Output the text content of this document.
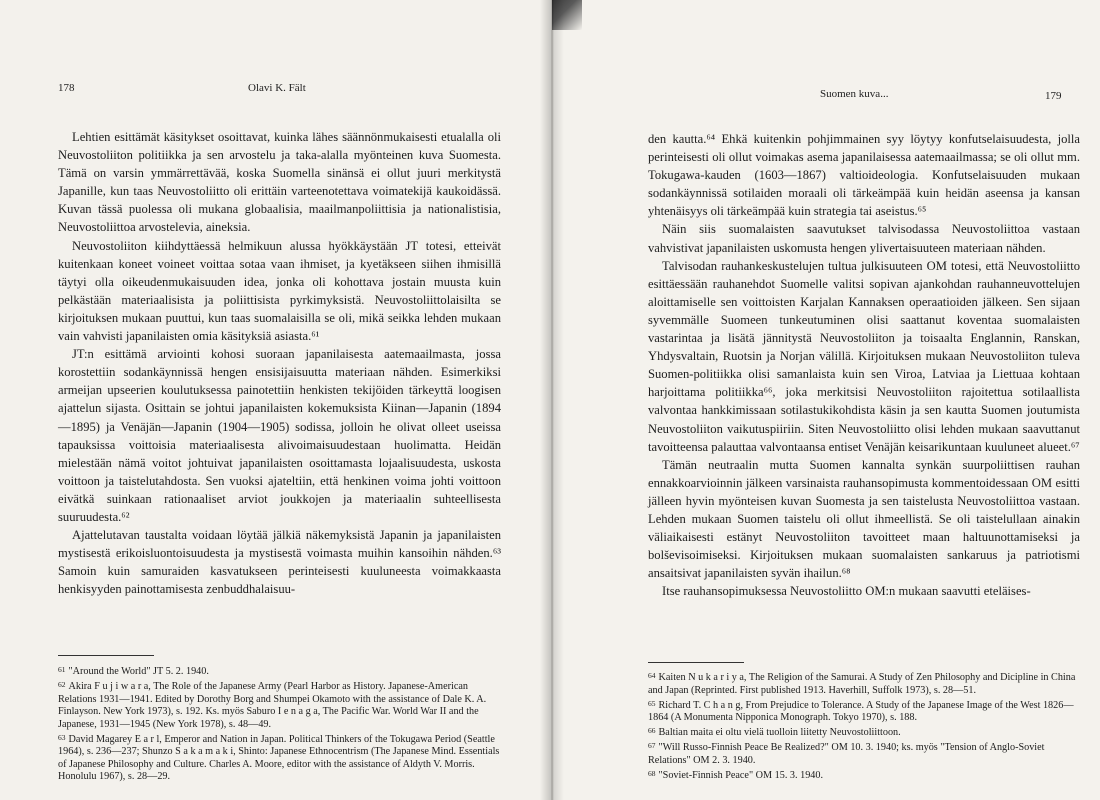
178	Olavi K. Fält

Lehtien esittämät käsitykset osoittavat, kuinka lähes säännönmukaisesti etualalla oli Neuvostoliiton politiikka ja sen arvostelu ja taka-alalla myönteinen kuva Suomesta. Tämä on varsin ymmärrettävää, koska Suomella sinänsä ei ollut juuri merkitystä Japanille, kun taas Neuvostoliitto oli erittäin varteenotettava voimatekijä kaukoidässä. Kuvan tässä puolessa oli mukana globaalisia, maailmanpoliittisia ja nationalistisia, Neuvostoliittoa arvostelevia, aineksia.

Neuvostoliiton kiihdyttäessä helmikuun alussa hyökkäystään JT totesi, etteivät kuitenkaan koneet voineet voittaa sotaa vaan ihmiset, ja kyetäkseen siihen ihmisillä täytyi olla oikeudenmukaisuuden idea, jonka oli kohottava jostain muusta kuin pelkästään materiaalisista ja poliittisista pyrkimyksistä. Neuvostoliittolaisilta se kirjoituksen mukaan puuttui, kun taas suomalaisilla se oli, mikä seikka lehden mukaan vain vahvisti japanilaisten omia käsityksiä asiasta.⁶¹

JT:n esittämä arviointi kohosi suoraan japanilaisesta aatemaailmasta, jossa korostettiin sodankäynnissä hengen ensisijaisuutta materiaan nähden. Esimerkiksi armeijan upseerien koulutuksessa painotettiin henkisten tekijöiden tärkeyttä loogisen ajattelun sijasta. Osittain se johtui japanilaisten kokemuksista Kiinan—Japanin (1894—1895) ja Venäjän—Japanin (1904—1905) sodissa, jolloin he olivat olleet useissa tapauksissa voittoisia materiaalisesta alivoimaisuudestaan huolimatta. Heidän mielestään nämä voitot johtuivat japanilaisten osoittamasta lojaalisuudesta, uskosta voittoon ja taistelutahdosta. Sen vuoksi ajateltiin, että henkinen voima johti voittoon eivätkä suinkaan rationaaliset arviot joukkojen ja materiaalin suhteellisesta suuruudesta.⁶²

Ajattelutavan taustalta voidaan löytää jälkiä näkemyksistä Japanin ja japanilaisten mystisestä erikoisluontoisuudesta ja mystisestä voimasta muihin kansoihin nähden.⁶³ Samoin kuin samuraiden kasvatukseen perinteisesti kuuluneesta voimakkaasta henkisyyden painottamisesta zenbuddhalaisuu-

61 "Around the World" JT 5. 2. 1940.
62 Akira F u j i w a r a, The Role of the Japanese Army (Pearl Harbor as History. Japanese-American Relations 1931—1941. Edited by Dorothy Borg and Shumpei Okamoto with the assistance of Dale K. A. Finlayson. New York 1973), s. 192. Ks. myös Saburo I e n a g a, The Pacific War. World War II and the Japanese, 1931—1945 (New York 1978), s. 48—49.
63 David Magarey E a r l, Emperor and Nation in Japan. Political Thinkers of the Tokugawa Period (Seattle 1964), s. 236—237; Shunzo S a k a m a k i, Shinto: Japanese Ethnocentrism (The Japanese Mind. Essentials of Japanese Philosophy and Culture. Charles A. Moore, editor with the assistance of Aldyth V. Morris. Honolulu 1967), s. 28—29.
Suomen kuva...	179

den kautta.⁶⁴ Ehkä kuitenkin pohjimmainen syy löytyy konfutselaisuudesta, jolla perinteisesti oli ollut voimakas asema japanilaisessa aatemaailmassa; se oli ollut mm. Tokugawa-kauden (1603—1867) valtioideologia. Konfutselaisuuden mukaan sodankäynnissä sotilaiden moraali oli tärkeämpää kuin heidän aseensa ja kansan yhtenäisyys oli tärkeämpää kuin strategia tai aseistus.⁶⁵

Näin siis suomalaisten saavutukset talvisodassa Neuvostoliittoa vastaan vahvistivat japanilaisten uskomusta hengen ylivertaisuuteen materiaan nähden.

Talvisodan rauhankeskustelujen tultua julkisuuteen OM totesi, että Neuvostoliitto esittäessään rauhanehdot Suomelle valitsi sopivan ajankohdan rauhanneuvottelujen aloittamiselle sen voittoisten Karjalan Kannaksen operaatioiden jälkeen. Sen sijaan syvemmälle Suomeen tunkeutuminen olisi saattanut koventaa suomalaisten vastarintaa ja lisätä jännitystä Neuvostoliiton ja toisaalta Englannin, Ranskan, Yhdysvaltain, Ruotsin ja Norjan välillä. Kirjoituksen mukaan Neuvostoliiton tuleva Suomen-politiikka olisi samanlaista kuin sen Viroa, Latviaa ja Liettuaa kohtaan harjoittama politiikka⁶⁶, joka merkitsisi Neuvostoliiton rajoitettua sotilaallista valvontaa hankkimissaan sotilastukikohdista käsin ja sen kautta Suomen joutumista Neuvostoliiton vaikutuspiiriin. Siten Neuvostoliitto olisi lehden mukaan saavuttanut tavoitteensa palauttaa valvontaansa entiset Venäjän keisarikuntaan kuuluneet alueet.⁶⁷

Tämän neutraalin mutta Suomen kannalta synkän suurpoliittisen rauhan ennakkoarvioinnin jälkeen varsinaista rauhansopimusta kommentoidessaan OM esitti jälleen hyvin myönteisen kuvan Suomesta ja sen taistelusta Neuvostoliittoa vastaan. Lehden mukaan Suomen taistelu oli ollut ihmeellistä. Se oli taistelullaan ainakin väliaikaisesti estänyt Neuvostoliiton tavoitteet maan haltuunottamiseksi ja bolševisoimiseksi. Kirjoituksen mukaan suomalaisten sankaruus ja patriotismi ansaitsivat japanilaisten syvän ihailun.⁶⁸

Itse rauhansopimuksessa Neuvostoliitto OM:n mukaan saavutti eteläises-

64 Kaiten N u k a r i y a, The Religion of the Samurai. A Study of Zen Philosophy and Dicipline in China and Japan (Reprinted. First published 1913. Haverhill, Suffolk 1973), s. 28—51.
65 Richard T. C h a n g, From Prejudice to Tolerance. A Study of the Japanese Image of the West 1826—1864 (A Monumenta Nipponica Monograph. Tokyo 1970), s. 188.
66 Baltian maita ei oltu vielä tuolloin liitetty Neuvostoliittoon.
67 "Will Russo-Finnish Peace Be Realized?" OM 10. 3. 1940; ks. myös "Tension of Anglo-Soviet Relations" OM 2. 3. 1940.
68 "Soviet-Finnish Peace" OM 15. 3. 1940.
